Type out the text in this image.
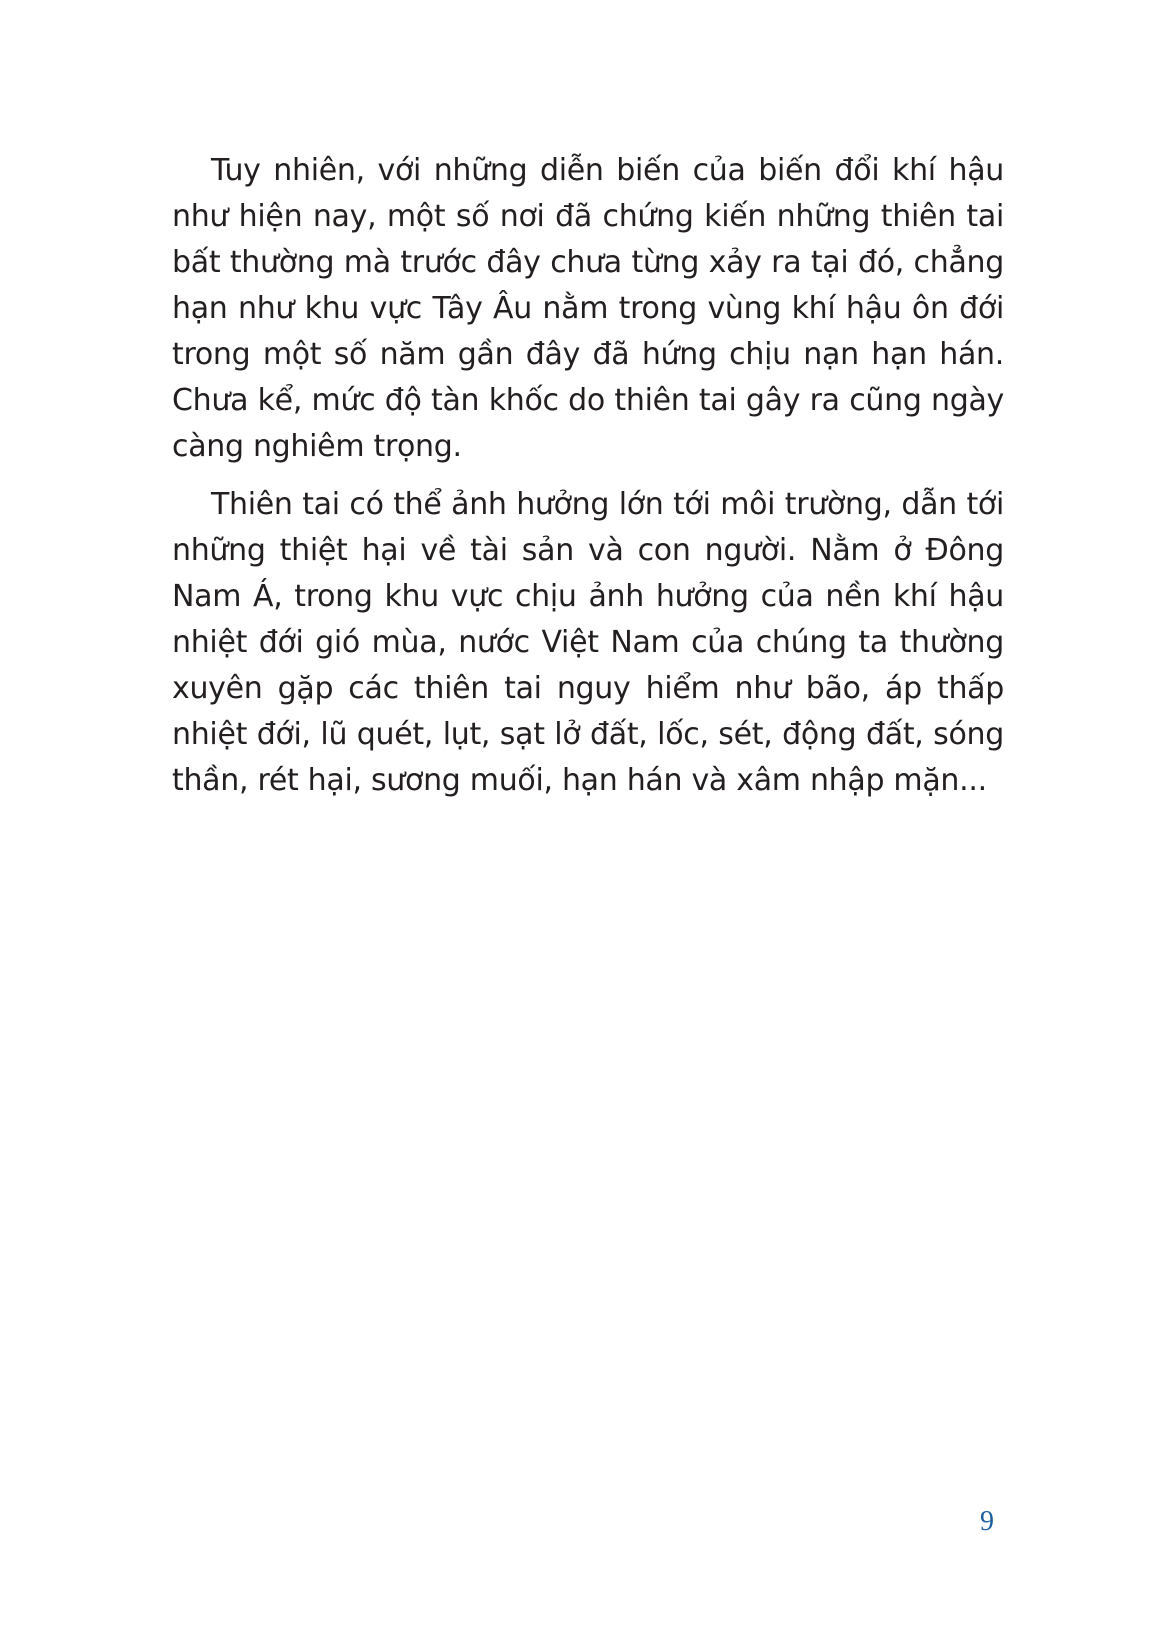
Tuy nhiên, với những diễn biến của biến đổi khí hậu như hiện nay, một số nơi đã chứng kiến những thiên tai bất thường mà trước đây chưa từng xảy ra tại đó, chẳng hạn như khu vực Tây Âu nằm trong vùng khí hậu ôn đới trong một số năm gần đây đã hứng chịu nạn hạn hán. Chưa kể, mức độ tàn khốc do thiên tai gây ra cũng ngày càng nghiêm trọng.

Thiên tai có thể ảnh hưởng lớn tới môi trường, dẫn tới những thiệt hại về tài sản và con người. Nằm ở Đông Nam Á, trong khu vực chịu ảnh hưởng của nền khí hậu nhiệt đới gió mùa, nước Việt Nam của chúng ta thường xuyên gặp các thiên tai nguy hiểm như bão, áp thấp nhiệt đới, lũ quét, lụt, sạt lở đất, lốc, sét, động đất, sóng thần, rét hại, sương muối, hạn hán và xâm nhập mặn...

9
